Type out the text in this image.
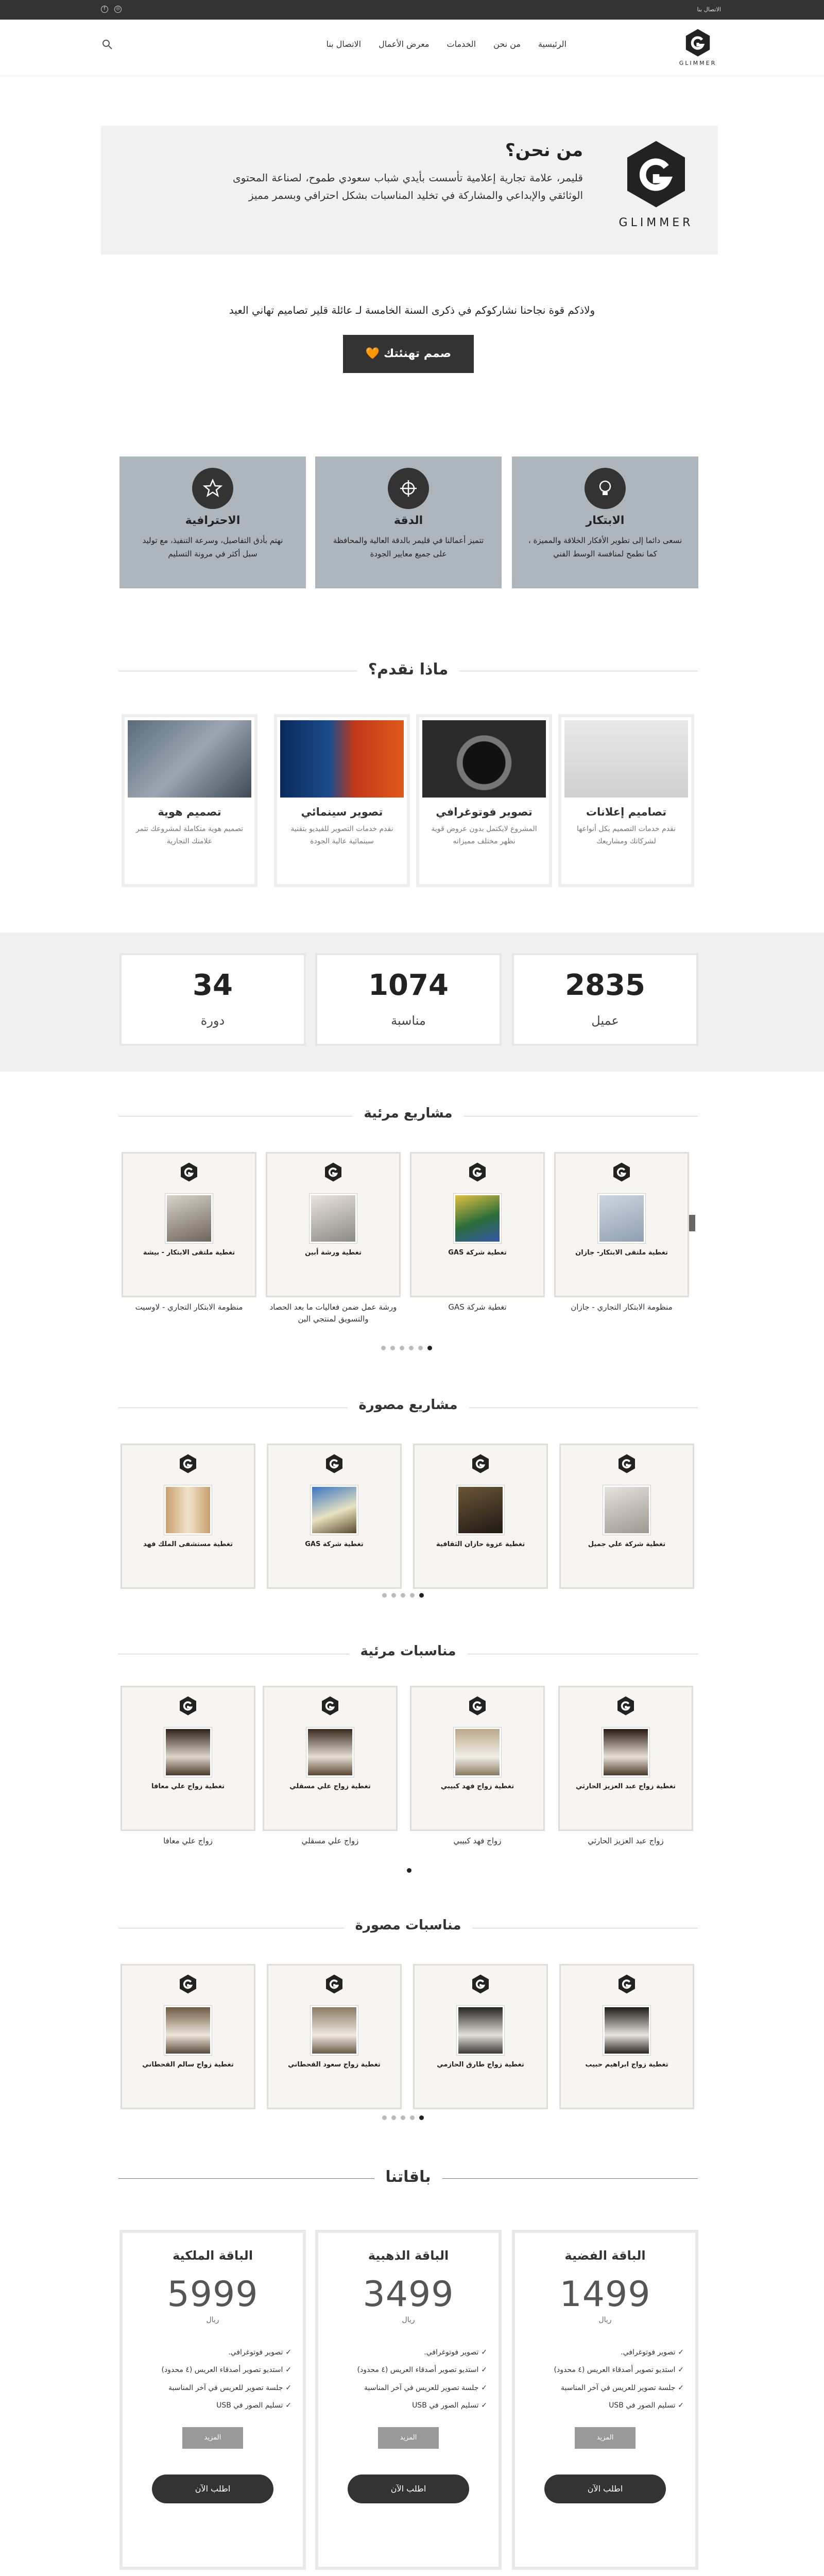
الاتصال بنا
f	◎
GLIMMER
الرئيسية
من نحن
الخدمات
معرض الأعمال
الاتصال بنا
GLIMMER
من نحن؟

قليمر، علامة تجارية إعلامية تأسست بأيدي شباب سعودي طموح، لصناعة المحتوى الوثائقي والإبداعي والمشاركة في تخليد المناسبات بشكل احترافي وبسمر مميز

ولاذكم قوة نجاحنا نشاركوكم في ذكرى السنة الخامسة لـ عائلة قلير تصاميم تهاني العيد
صمم تهنئتك 🧡
الابتكار

نسعى دائما إلى تطوير الأفكار الخلاقة والمميزة ، كما نطمح لمنافسة الوسط الفني

الدقة

تتميز أعمالنا في قليمر بالدقة العالية والمحافظة على جميع معايير الجودة

الاحترافية

نهتم بأدق التفاصيل، وسرعة التنفيذ، مع توليد سبل أكثر في مرونة التسليم

ماذا نقدم؟
تصاميم إعلانات

نقدم خدمات التصميم بكل أنواعها لشركاتك ومشاريعك

تصوير فوتوغرافي

المشروع لايكتمل بدون عروض قوية نظهر مختلف مميزاته

تصوير سينمائي

نقدم خدمات التصوير للفيديو بتقنية سينمائية عالية الجودة

تصميم هوية

تصميم هوية متكاملة لمشروعك تثمر علامتك التجارية

2835
عميل
1074
مناسبة
34
دورة
مشاريع مرئية
تغطية ملتقى الابتكار- جازان
منظومة الابتكار التجاري - جازان
تغطية شركة GAS
تغطية شركة GAS
تغطية ورشة أبين
ورشة عمل ضمن فعاليات ما بعد الحصاد والتسويق لمنتجي البن
تغطية ملتقى الابتكار - بيشة
منظومة الابتكار التجاري - لاوسيت
مشاريع مصورة
تغطية شركة علي جميل
تغطية عزوة حازان الثقافية
تغطية شركة GAS
تغطية مستشفى الملك فهد
مناسبات مرئية
تغطية زواج عبد العزيز الحارثي
زواج عبد العزيز الحارثي
تغطية زواج فهد كبيبي
زواج فهد كبيبي
تغطية زواج علي مسقلي
زواج علي مسقلي
تغطية زواج علي معافا
زواج علي معافا
مناسبات مصورة
تغطية زواج ابراهيم حبيب
تغطية زواج طارق الحازمي
تغطية زواج سعود القحطاني
تغطية زواج سالم القحطاني
باقاتنا
الباقة الفضية
1499
ريال
✓ تصوير فوتوغرافي.
✓ استديو تصوير أصدقاء العريس (٤ محدود)
✓ جلسة تصوير للعريس في آخر المناسبة
✓ تسليم الصور في USB
المزيد
اطلب الآن
الباقة الذهبية
3499
ريال
✓ تصوير فوتوغرافي.
✓ استديو تصوير أصدقاء العريس (٤ محدود)
✓ جلسة تصوير للعريس في آخر المناسبة
✓ تسليم الصور في USB
المزيد
اطلب الآن
الباقة الملكية
5999
ريال
✓ تصوير فوتوغرافي.
✓ استديو تصوير أصدقاء العريس (٤ محدود)
✓ جلسة تصوير للعريس في آخر المناسبة
✓ تسليم الصور في USB
المزيد
اطلب الآن
